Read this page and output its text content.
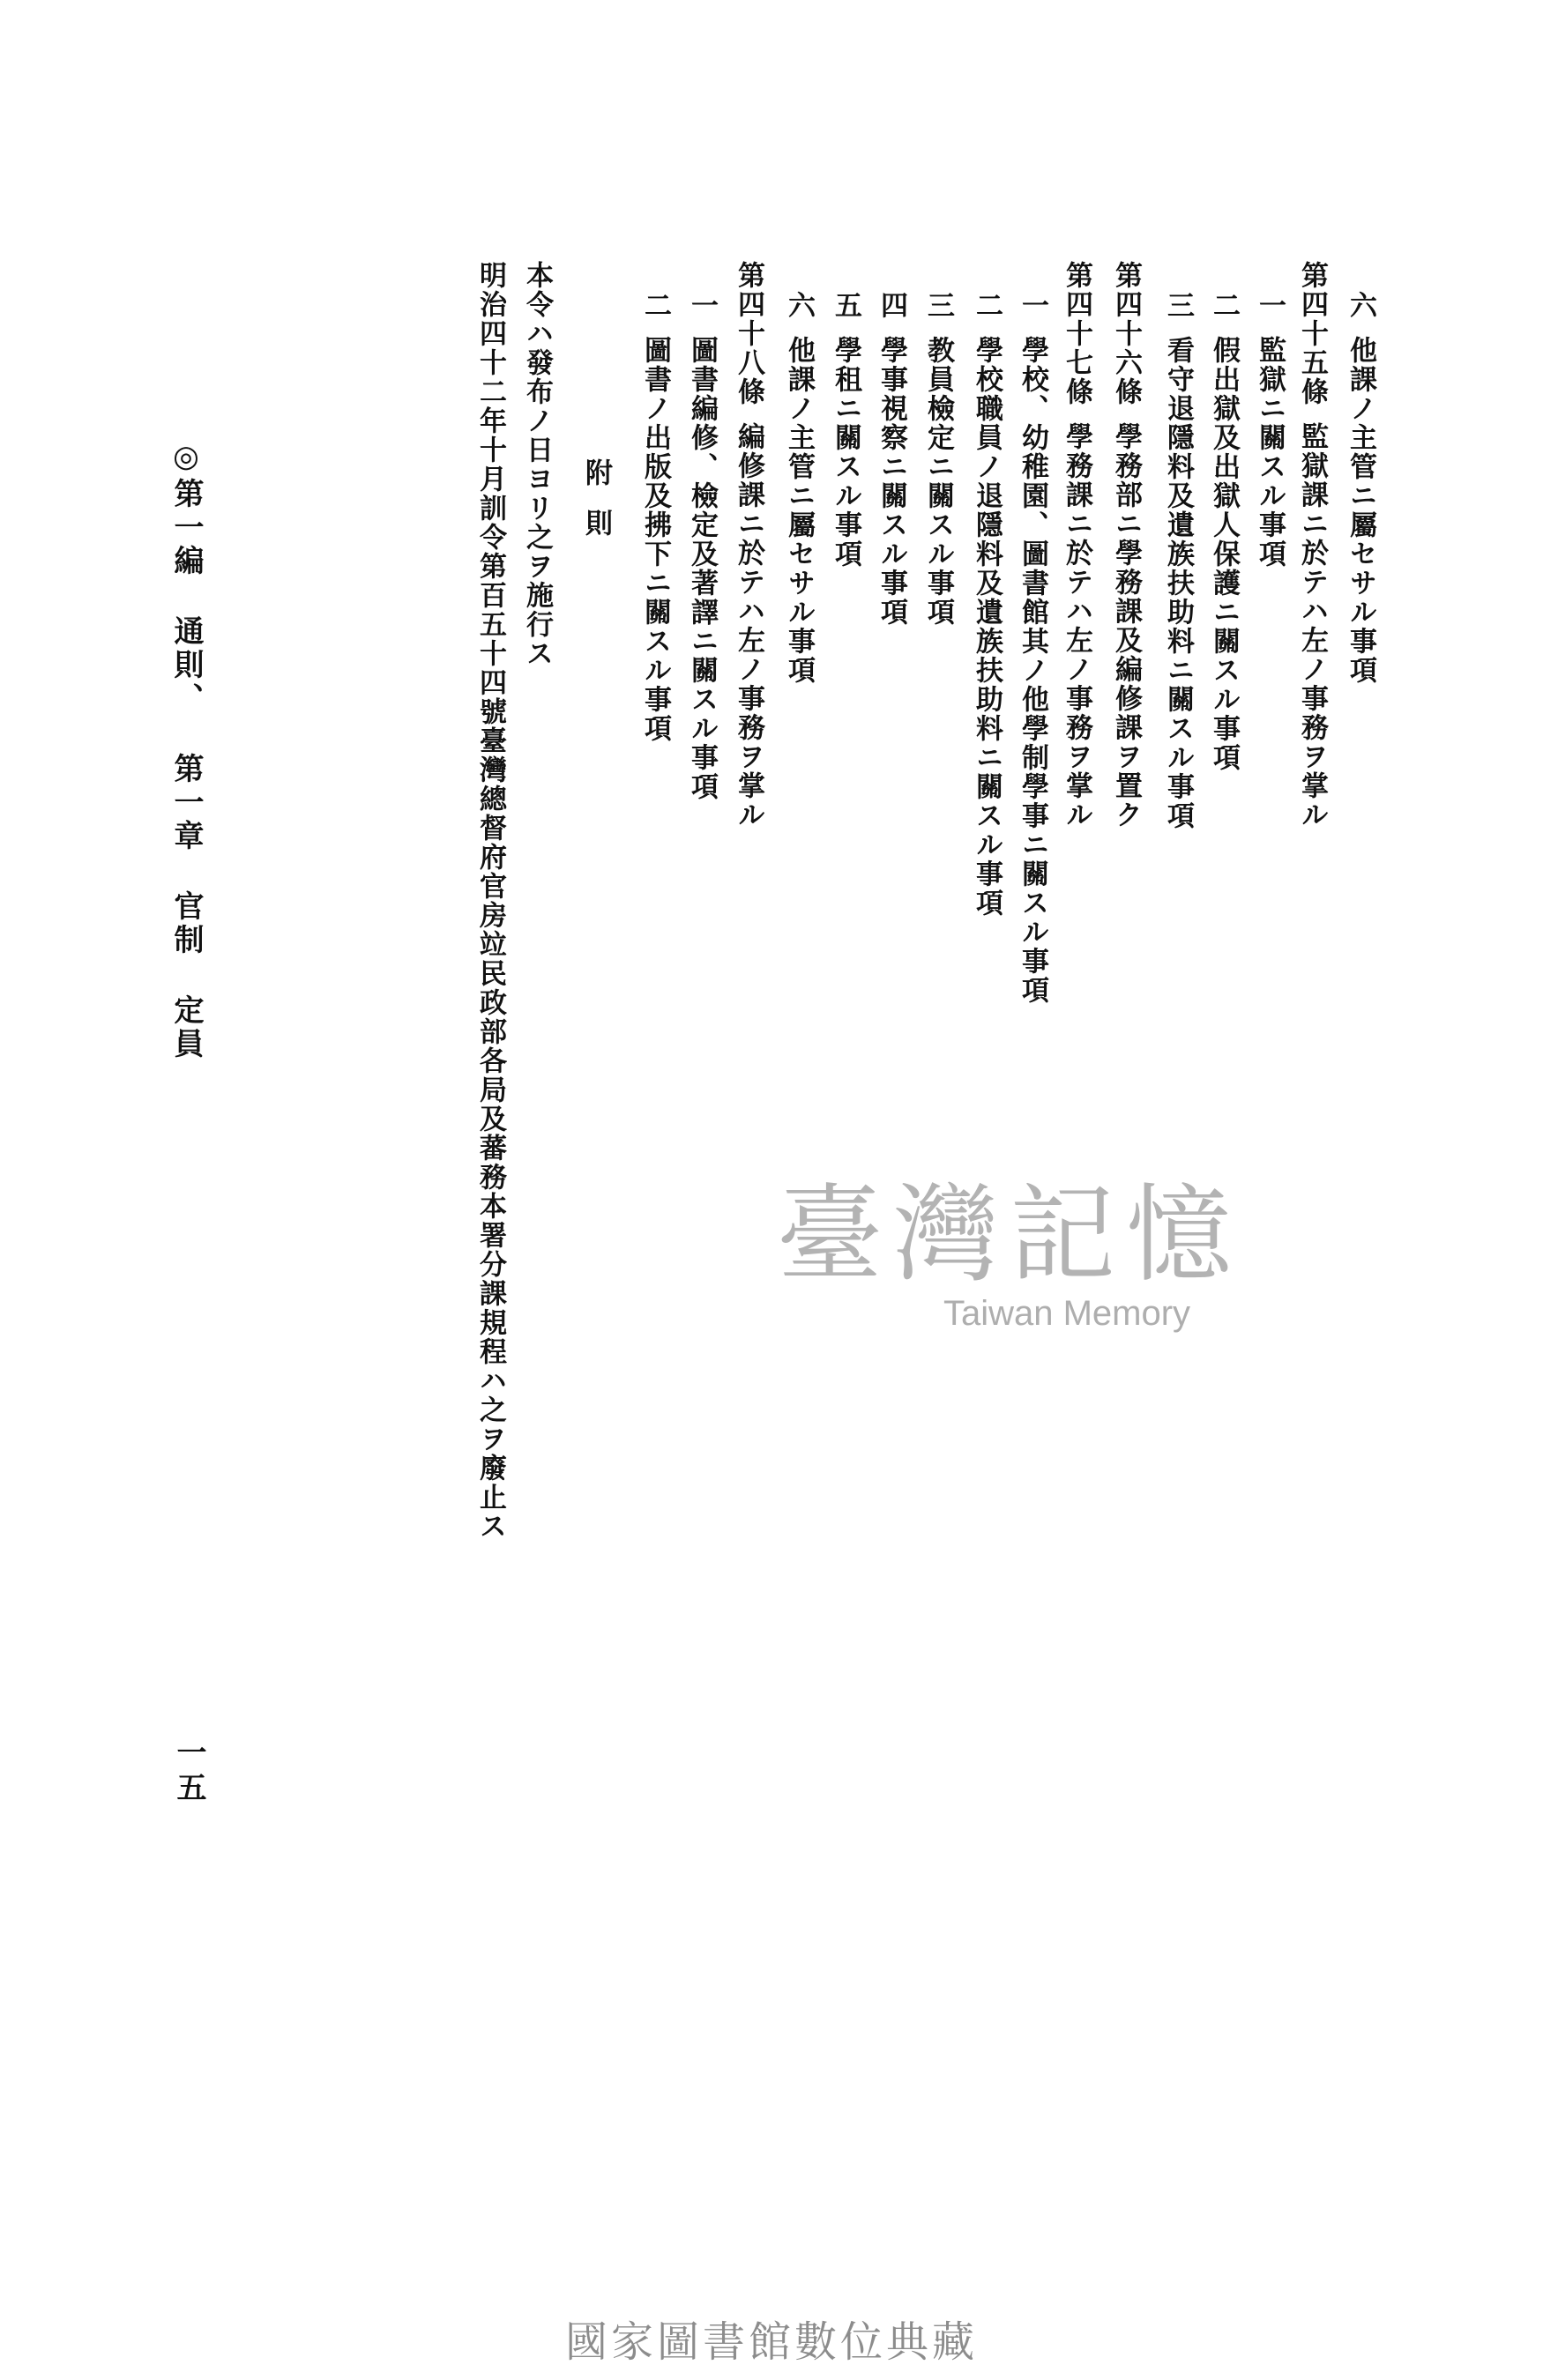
六他課ノ主管ニ屬セサル事項
第四十五條監獄課ニ於テハ左ノ事務ヲ掌ル
一監獄ニ關スル事項
二假出獄及出獄人保護ニ關スル事項
三看守退隱料及遺族扶助料ニ關スル事項
第四十六條學務部ニ學務課及編修課ヲ置ク
第四十七條學務課ニ於テハ左ノ事務ヲ掌ル
一學校、幼稚園、圖書館其ノ他學制學事ニ關スル事項
二學校職員ノ退隱料及遺族扶助料ニ關スル事項
三教員檢定ニ關スル事項
四學事視察ニ關スル事項
五學租ニ關スル事項
六他課ノ主管ニ屬セサル事項
第四十八條編修課ニ於テハ左ノ事務ヲ掌ル
一圖書編修、檢定及著譯ニ關スル事項
二圖書ノ出版及拂下ニ關スル事項
附則
本令ハ發布ノ日ヨリ之ヲ施行ス
明治四十二年十月訓令第百五十四號臺灣總督府官房竝民政部各局及蕃務本署分課規程ハ之ヲ廢止ス
◎第一編通則、第一章官制定員
一五
臺灣記憶
Taiwan Memory
國家圖書館數位典藏
